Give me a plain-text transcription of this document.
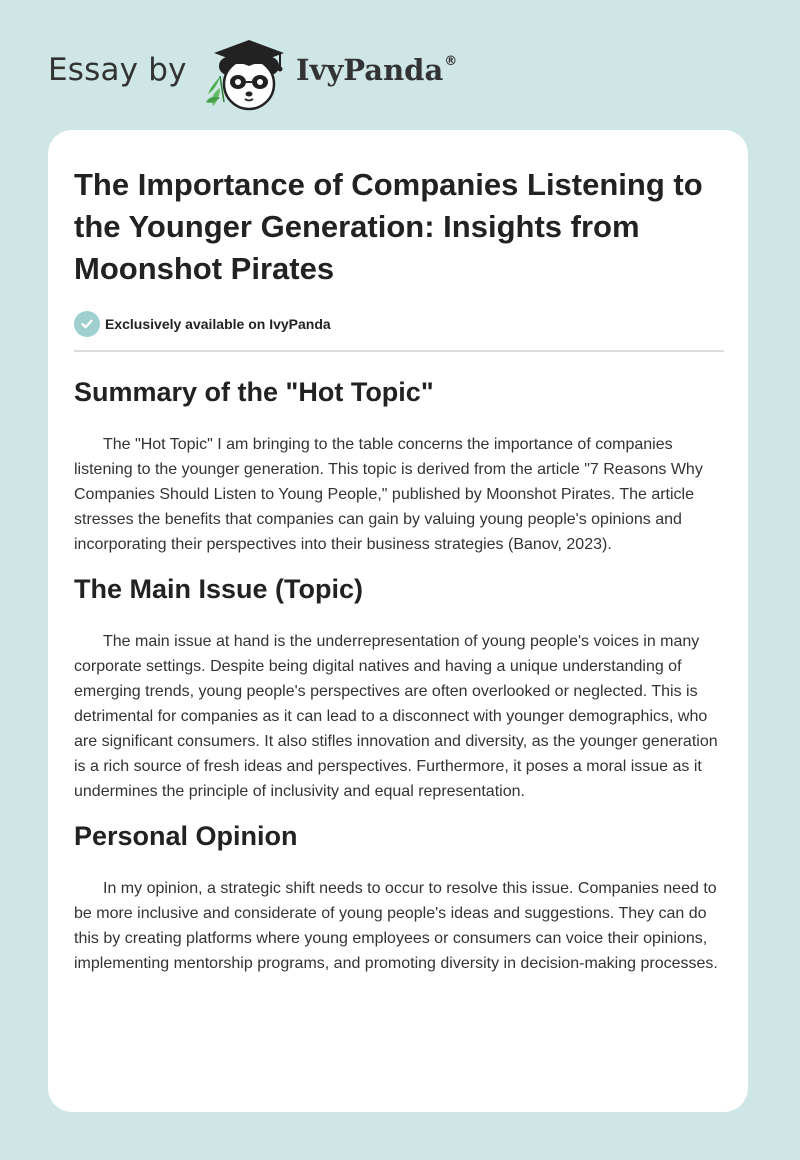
Essay by	IvyPanda®
The Importance of Companies Listening to the Younger Generation: Insights from Moonshot Pirates
Exclusively available on IvyPanda
Summary of the "Hot Topic"

The "Hot Topic" I am bringing to the table concerns the importance of companies listening to the younger generation. This topic is derived from the article "7 Reasons Why Companies Should Listen to Young People," published by Moonshot Pirates. The article stresses the benefits that companies can gain by valuing young people's opinions and incorporating their perspectives into their business strategies (Banov, 2023).

The Main Issue (Topic)

The main issue at hand is the underrepresentation of young people's voices in many corporate settings. Despite being digital natives and having a unique understanding of emerging trends, young people's perspectives are often overlooked or neglected. This is detrimental for companies as it can lead to a disconnect with younger demographics, who are significant consumers. It also stifles innovation and diversity, as the younger generation is a rich source of fresh ideas and perspectives. Furthermore, it poses a moral issue as it undermines the principle of inclusivity and equal representation.

Personal Opinion

In my opinion, a strategic shift needs to occur to resolve this issue. Companies need to be more inclusive and considerate of young people's ideas and suggestions. They can do this by creating platforms where young employees or consumers can voice their opinions, implementing mentorship programs, and promoting diversity in decision-making processes.
